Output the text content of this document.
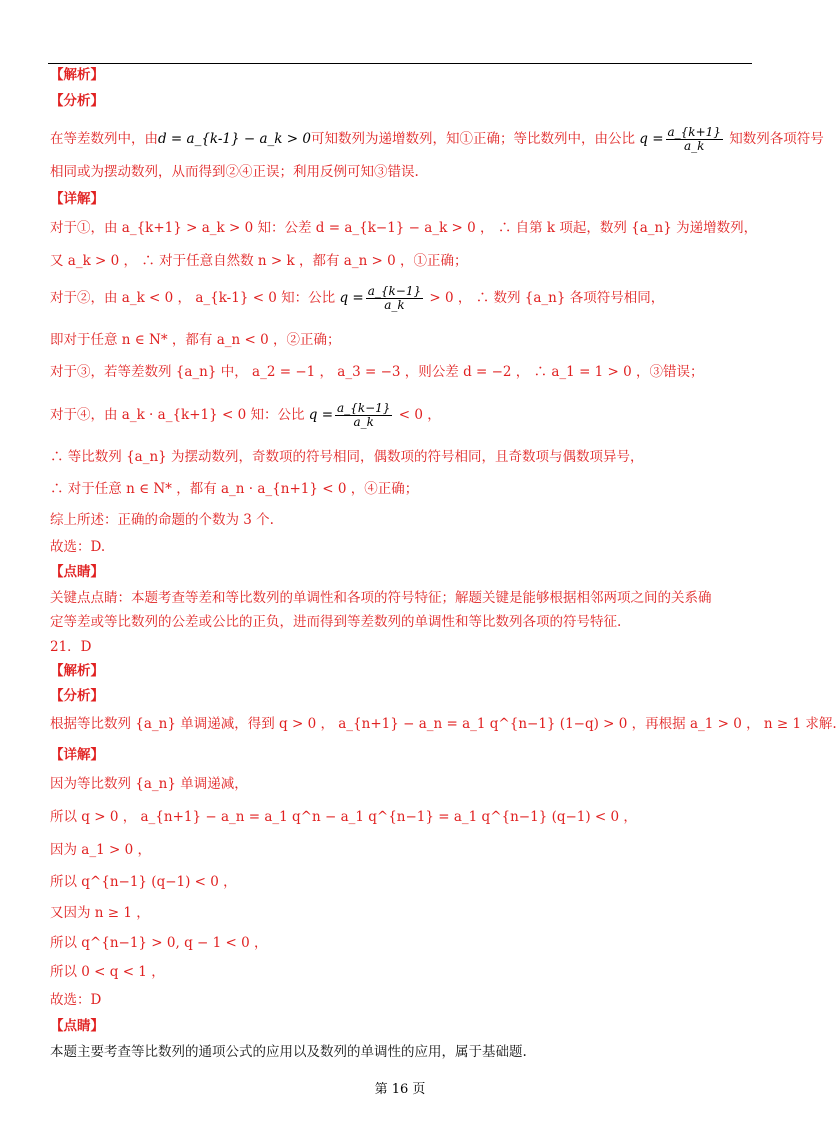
【解析】
【分析】
在等差数列中，由d = a_{k-1} − a_k > 0可知数列为递增数列，知①正确；等比数列中，由公比 $q = \frac{a\_\{k+1\}}{a\_k}$ 知数列各项符号
相同或为摆动数列，从而得到②④正误；利用反例可知③错误.
【详解】
对于①，由 a_{k+1} > a_k > 0 知：公差 d = a_{k−1} − a_k > 0 ， ∴ 自第 k 项起，数列 {a_n} 为递增数列，
又 a_k > 0 ， ∴ 对于任意自然数 n > k ，都有 a_n > 0 ，①正确；
对于②，由 a_k < 0 ， a_{k-1} < 0 知：公比 $q = \frac{a\_\{k-1\}}{a\_k} > 0$ ， ∴ 数列 {a_n} 各项符号相同，
即对于任意 n ∈ N* ，都有 a_n < 0 ，②正确；
对于③，若等差数列 {a_n} 中， a_2 = −1 ， a_3 = −3 ，则公差 d = −2 ， ∴ a_1 = 1 > 0 ，③错误；
对于④，由 a_k · a_{k+1} < 0 知：公比 $q = \frac{a\_\{k-1\}}{a\_k} < 0$ ，
∴ 等比数列 {a_n} 为摆动数列，奇数项的符号相同，偶数项的符号相同，且奇数项与偶数项异号，
∴ 对于任意 n ∈ N* ，都有 a_n · a_{n+1} < 0 ，④正确；
综上所述：正确的命题的个数为 3 个.
故选：D.
【点睛】
关键点点睛：本题考查等差和等比数列的单调性和各项的符号特征；解题关键是能够根据相邻两项之间的关系确
定等差或等比数列的公差或公比的正负，进而得到等差数列的单调性和等比数列各项的符号特征.
21．D
【解析】
【分析】
根据等比数列 {a_n} 单调递减，得到 q > 0 ， a_{n+1} − a_n = a_1 q^{n−1} (1−q) > 0 ，再根据 a_1 > 0 ， n ≥ 1 求解.
【详解】
因为等比数列 {a_n} 单调递减，
所以 q > 0 ， a_{n+1} − a_n = a_1 q^n − a_1 q^{n−1} = a_1 q^{n−1} (q−1) < 0 ，
因为 a_1 > 0 ，
所以 q^{n−1} (q−1) < 0 ，
又因为 n ≥ 1 ，
所以 q^{n−1} > 0, q − 1 < 0 ，
所以 0 < q < 1 ，
故选：D
【点睛】
本题主要考查等比数列的通项公式的应用以及数列的单调性的应用，属于基础题.
第 16 页
